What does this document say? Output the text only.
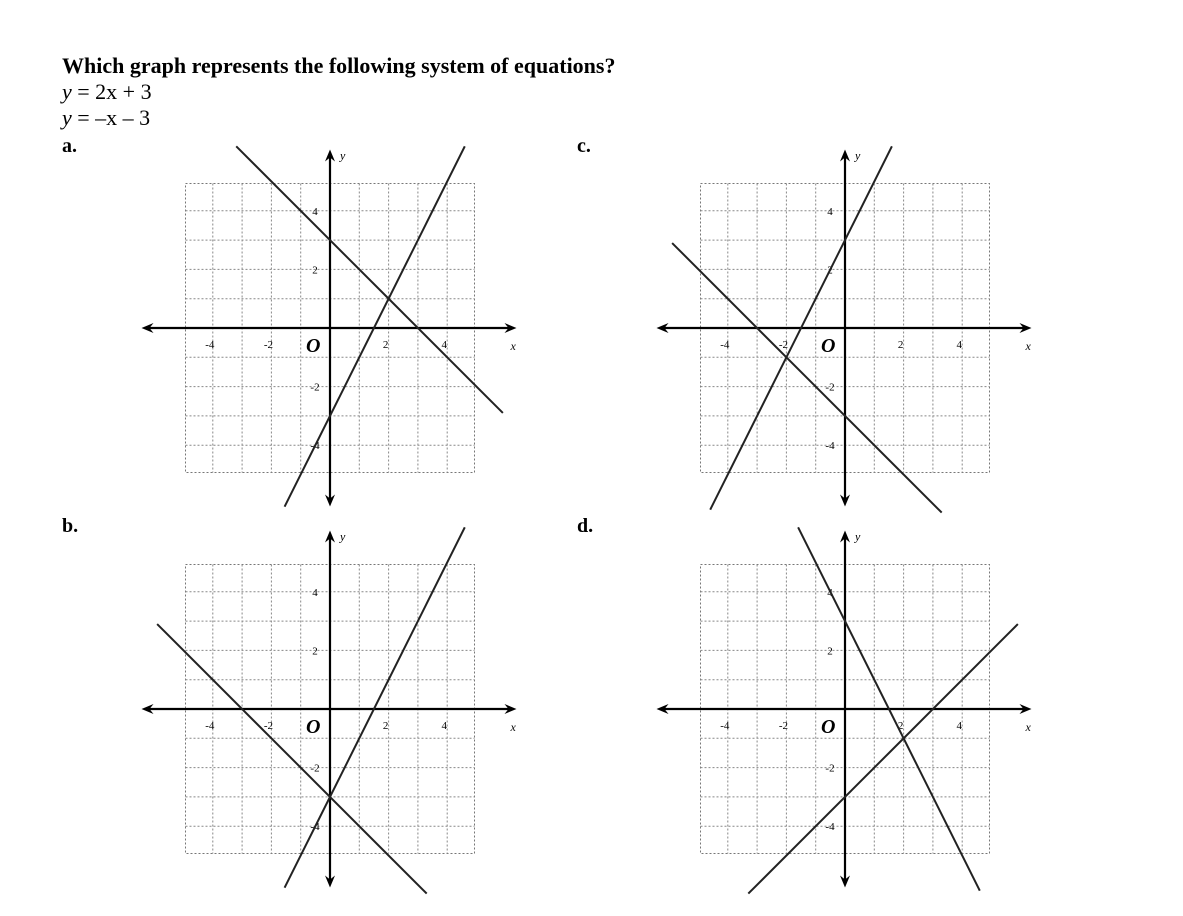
Which graph represents the following system of equations?

y = 2x + 3

y = –x – 3

a.	c.
b.	d.
x
y
O
-4	-2	2	4
4
2
-2
-4
x
y
O
-4	-2	2	4
4
2
-2
-4
x
y
O
-4	-2	2	4
4
2
-2
-4
x
y
O
-4	-2	2	4
4
2
-2
-4
